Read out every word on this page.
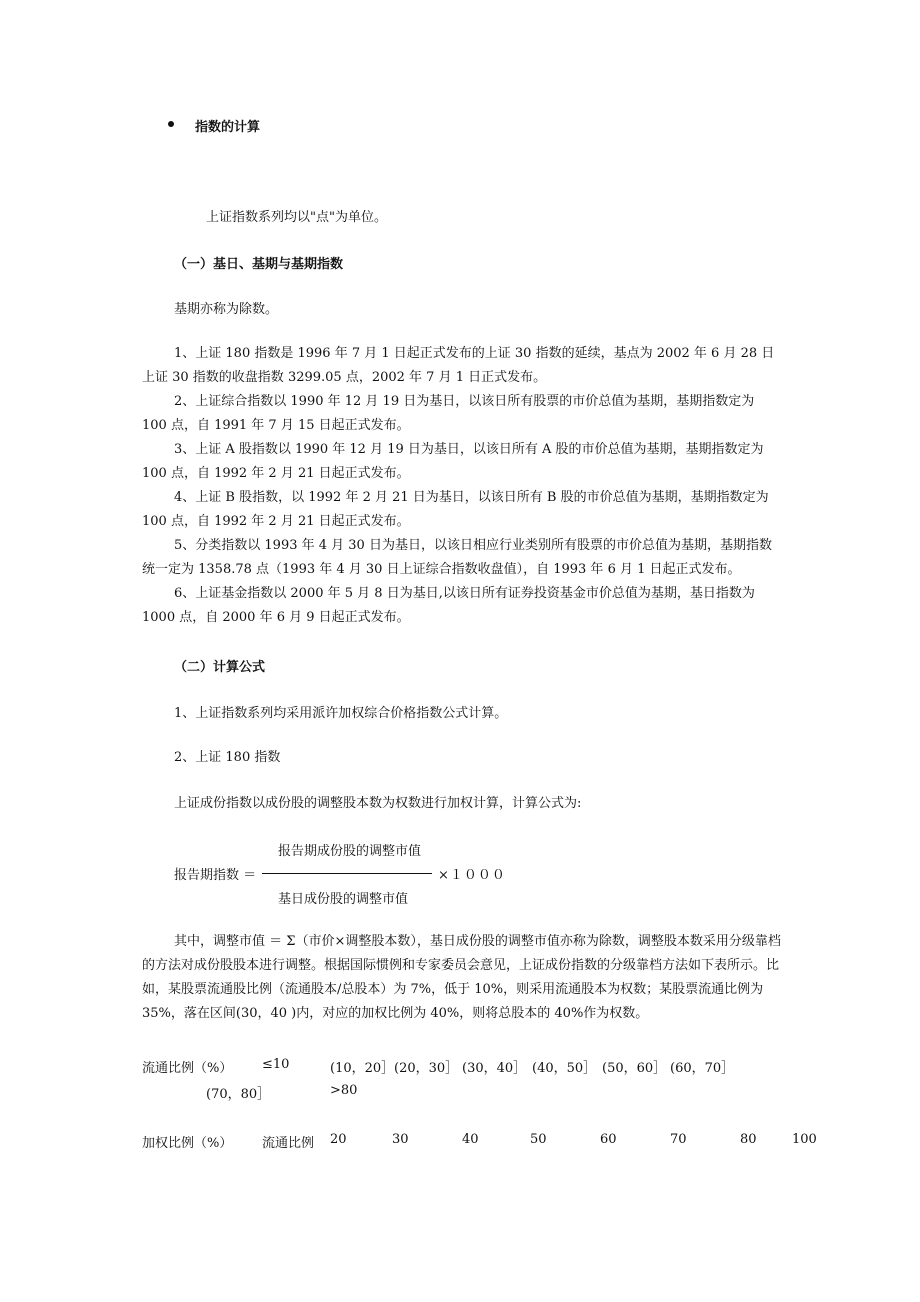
指数的计算
上证指数系列均以"点"为单位。
（一）基日、基期与基期指数
基期亦称为除数。

1、上证 180 指数是 1996 年 7 月 1 日起正式发布的上证 30 指数的延续，基点为 2002 年 6 月 28 日上证 30 指数的收盘指数 3299.05 点，2002 年 7 月 1 日正式发布。

2、上证综合指数以 1990 年 12 月 19 日为基日，以该日所有股票的市价总值为基期，基期指数定为 100 点，自 1991 年 7 月 15 日起正式发布。

3、上证 A 股指数以 1990 年 12 月 19 日为基日，以该日所有 A 股的市价总值为基期，基期指数定为 100 点，自 1992 年 2 月 21 日起正式发布。

4、上证 B 股指数，以 1992 年 2 月 21 日为基日，以该日所有 B 股的市价总值为基期，基期指数定为 100 点，自 1992 年 2 月 21 日起正式发布。

5、分类指数以 1993 年 4 月 30 日为基日，以该日相应行业类别所有股票的市价总值为基期，基期指数统一定为 1358.78 点（1993 年 4 月 30 日上证综合指数收盘值），自 1993 年 6 月 1 日起正式发布。

6、上证基金指数以 2000 年 5 月 8 日为基日,以该日所有证券投资基金市价总值为基期，基日指数为 1000 点，自 2000 年 6 月 9 日起正式发布。

（二）计算公式
1、上证指数系列均采用派许加权综合价格指数公式计算。
2、上证 180 指数
上证成份指数以成份股的调整股本数为权数进行加权计算，计算公式为:
报告期指数 ＝
报告期成份股的调整市值
基日成份股的调整市值
×１０００

其中，调整市值 ＝ Σ（市价×调整股本数），基日成份股的调整市值亦称为除数，调整股本数采用分级靠档的方法对成份股股本进行调整。根据国际惯例和专家委员会意见，上证成份指数的分级靠档方法如下表所示。比如，某股票流通股比例（流通股本/总股本）为 7%，低于 10%，则采用流通股本为权数；某股票流通比例为 35%，落在区间(30，40 )内，对应的加权比例为 40%，则将总股本的 40%作为权数。

流通比例（%） ≤10	(10，20］ (20，30］ (30，40］ (40，50］ (50，60］ (60，70］
(70，80］	>80
加权比例（%） 流通比例 20	30	40	50	60	70	80	100
